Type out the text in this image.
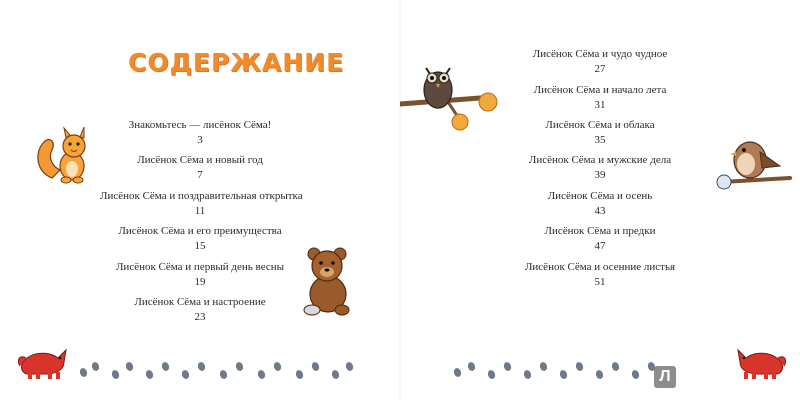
СОДЕРЖАНИЕ
Знакомьтесь — лисёнок Сёма!
3
Лисёнок Сёма и новый год
7
Лисёнок Сёма и поздравительная открытка
11
Лисёнок Сёма и его преимущества
15
Лисёнок Сёма и первый день весны
19
Лисёнок Сёма и настроение
23
Лисёнок Сёма и чудо чудное
27
Лисёнок Сёма и начало лета
31
Лисёнок Сёма и облака
35
Лисёнок Сёма и мужские дела
39
Лисёнок Сёма и осень
43
Лисёнок Сёма и предки
47
Лисёнок Сёма и осенние листья
51
Л
